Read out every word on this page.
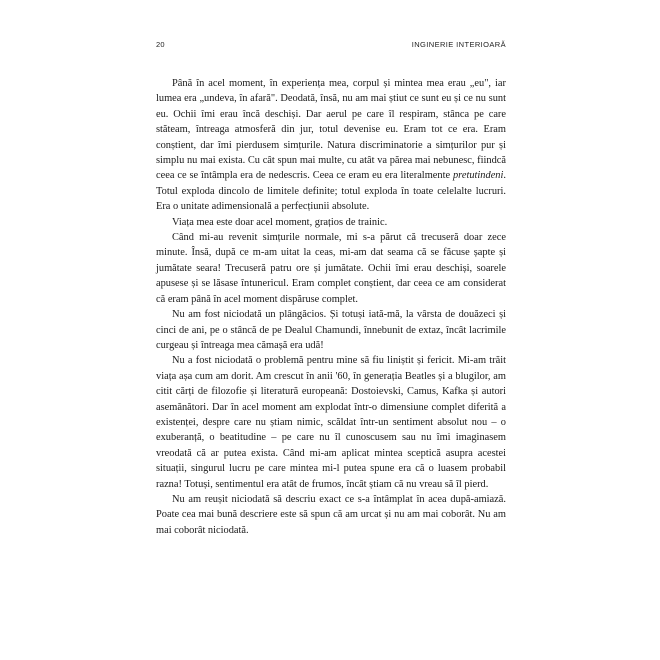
20	INGINERIE INTERIOARĂ

Până în acel moment, în experiența mea, corpul și mintea mea erau „eu", iar lumea era „undeva, în afară". Deodată, însă, nu am mai știut ce sunt eu și ce nu sunt eu. Ochii îmi erau încă deschiși. Dar aerul pe care îl respiram, stânca pe care stăteam, întreaga atmosferă din jur, totul devenise eu. Eram tot ce era. Eram conștient, dar îmi pierdusem simțurile. Natura discriminatorie a simțurilor pur și simplu nu mai exista. Cu cât spun mai multe, cu atât va părea mai nebunesc, fiindcă ceea ce se întâmpla era de nedescris. Ceea ce eram eu era literalmente pretutindeni. Totul exploda dincolo de limitele definite; totul exploda în toate celelalte lucruri. Era o unitate adimensională a perfecțiunii absolute.

Viața mea este doar acel moment, grațios de trainic.

Când mi-au revenit simțurile normale, mi s-a părut că trecuseră doar zece minute. Însă, după ce m-am uitat la ceas, mi-am dat seama că se făcuse șapte și jumătate seara! Trecuseră patru ore și jumătate. Ochii îmi erau deschiși, soarele apusese și se lăsase întunericul. Eram complet conștient, dar ceea ce am considerat că eram până în acel moment dispăruse complet.

Nu am fost niciodată un plângăcios. Și totuși iată-mă, la vârsta de douăzeci și cinci de ani, pe o stâncă de pe Dealul Chamundi, înnebunit de extaz, încât lacrimile curgeau și întreaga mea cămașă era udă!

Nu a fost niciodată o problemă pentru mine să fiu liniștit și fericit. Mi-am trăit viața așa cum am dorit. Am crescut în anii '60, în generația Beatles și a blugilor, am citit cărți de filozofie și literatură europeană: Dostoievski, Camus, Kafka și autori asemănători. Dar în acel moment am explodat într-o dimensiune complet diferită a existenței, despre care nu știam nimic, scăldat într-un sentiment absolut nou – o exuberanță, o beatitudine – pe care nu îl cunoscusem sau nu îmi imaginasem vreodată că ar putea exista. Când mi-am aplicat mintea sceptică asupra acestei situații, singurul lucru pe care mintea mi-l putea spune era că o luasem probabil razna! Totuși, sentimentul era atât de frumos, încât știam că nu vreau să îl pierd.

Nu am reușit niciodată să descriu exact ce s-a întâmplat în acea după-amiază. Poate cea mai bună descriere este să spun că am urcat și nu am mai coborât. Nu am mai coborât niciodată.
